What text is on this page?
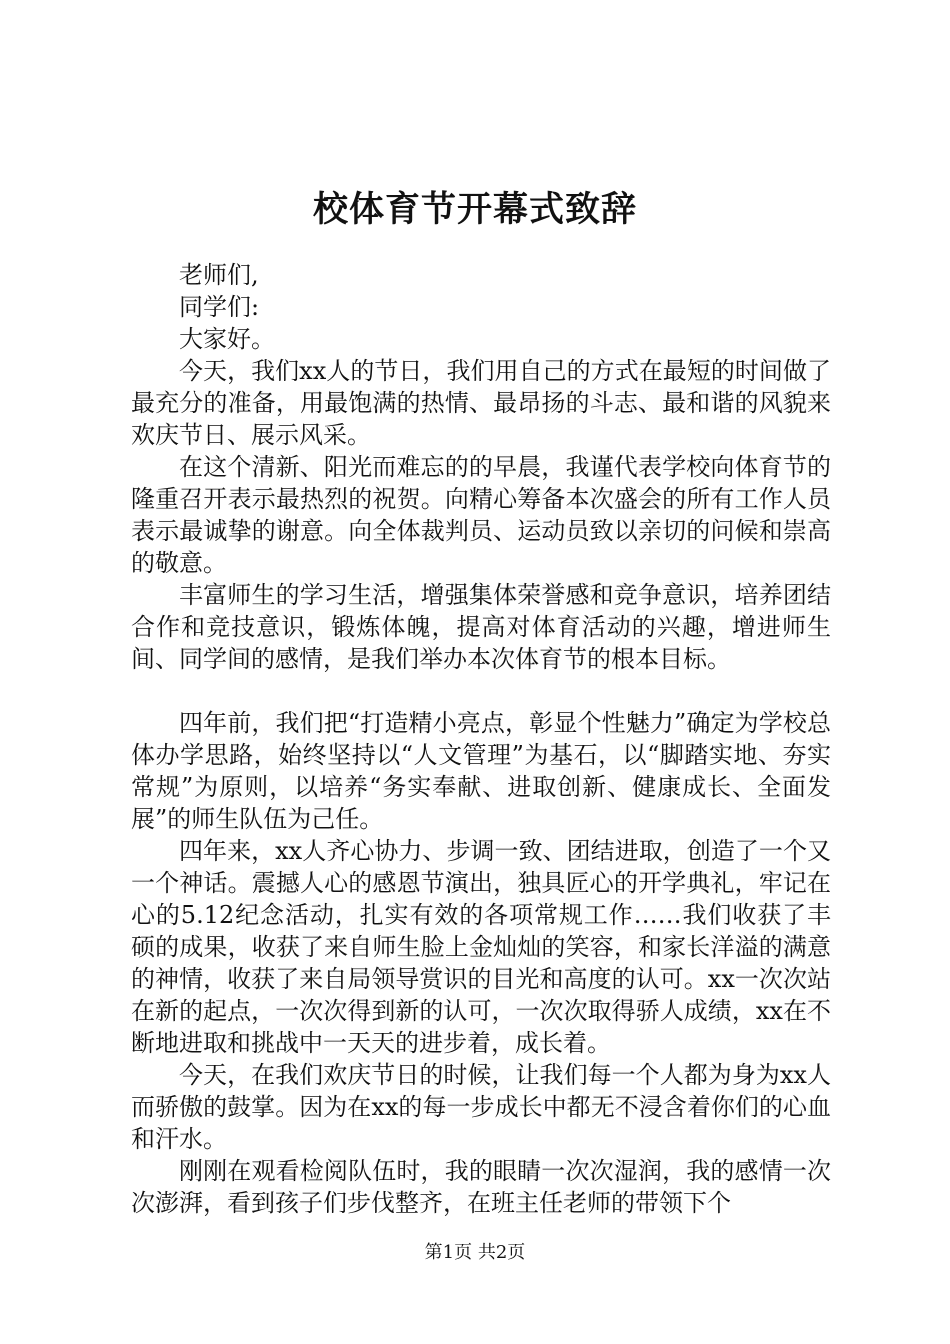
校体育节开幕式致辞

老师们,

同学们:

大家好。

今天，我们xx人的节日，我们用自己的方式在最短的时间做了最充分的准备，用最饱满的热情、最昂扬的斗志、最和谐的风貌来欢庆节日、展示风采。

在这个清新、阳光而难忘的的早晨，我谨代表学校向体育节的隆重召开表示最热烈的祝贺。向精心筹备本次盛会的所有工作人员表示最诚挚的谢意。向全体裁判员、运动员致以亲切的问候和崇高的敬意。

丰富师生的学习生活，增强集体荣誉感和竞争意识，培养团结合作和竞技意识，锻炼体魄，提高对体育活动的兴趣，增进师生间、同学间的感情，是我们举办本次体育节的根本目标。

四年前，我们把“打造精小亮点，彰显个性魅力”确定为学校总体办学思路，始终坚持以“人文管理”为基石，以“脚踏实地、夯实常规”为原则，以培养“务实奉献、进取创新、健康成长、全面发展”的师生队伍为己任。

四年来，xx人齐心协力、步调一致、团结进取，创造了一个又一个神话。震撼人心的感恩节演出，独具匠心的开学典礼，牢记在心的5.12纪念活动，扎实有效的各项常规工作……我们收获了丰硕的成果，收获了来自师生脸上金灿灿的笑容，和家长洋溢的满意的神情，收获了来自局领导赏识的目光和高度的认可。xx一次次站在新的起点，一次次得到新的认可，一次次取得骄人成绩，xx在不断地进取和挑战中一天天的进步着，成长着。

今天，在我们欢庆节日的时候，让我们每一个人都为身为xx人而骄傲的鼓掌。因为在xx的每一步成长中都无不浸含着你们的心血和汗水。

刚刚在观看检阅队伍时，我的眼睛一次次湿润，我的感情一次次澎湃，看到孩子们步伐整齐，在班主任老师的带领下个

第1页 共2页
